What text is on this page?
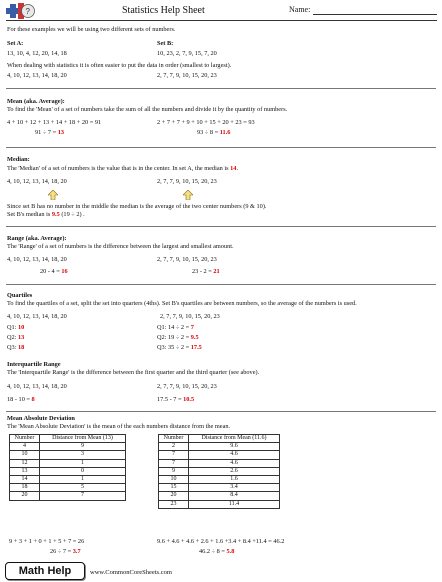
?	Statistics Help Sheet	Name:
For these examples we will be using two different sets of numbers.
Set A:
13, 10, 4, 12, 20, 14, 18
Set B:
10, 23, 2, 7, 9, 15, 7, 20
When dealing with statistics it is often easier to put the data in order (smallest to largest).
4, 10, 12, 13, 14, 18, 20	2, 7, 7, 9, 10, 15, 20, 23
Mean (aka. Average):
To find the 'Mean' of a set of numbers take the sum of all the numbers and divide it by the quantity of numbers.
4 + 10 + 12 + 13 + 14 + 18 + 20 = 91
91 ÷ 7 = 13
2 + 7 + 7 + 9 + 10 + 15 + 20 + 23 = 93
93 ÷ 8 = 11.6
Median:
The 'Median' of a set of numbers is the value that is in the center. In set A, the median is 14.
4, 10, 12, 13, 14, 18, 20	2, 7, 7, 9, 10, 15, 20, 23
Since set B has no number in the middle the median is the average of the two center numbers (9 & 10).
Set B's median is 9.5 (19 ÷ 2) .
Range (aka. Average):
The 'Range' of a set of numbers is the difference between the largest and smallest amount.
4, 10, 12, 13, 14, 18, 20	2, 7, 7, 9, 10, 15, 20, 23
20 - 4 = 16	23 - 2 = 21
Quartiles
To find the quartiles of a set, split the set into quarters (4ths). Set B's quartiles are between numbers, so the average of the numbers is used.
4, 10, 12, 13, 14, 18, 20	2, 7, 7, 9, 10, 15, 20, 23
Q1: 10
Q2: 13
Q3: 18
Q1: 14 ÷ 2 = 7
Q2: 19 ÷ 2 = 9.5
Q3: 35 ÷ 2 = 17.5
Interquartile Range
The 'Interquartile Range' is the difference between the first quarter and the third quarter (see above).
4, 10, 12, 13, 14, 18, 20	2, 7, 7, 9, 10, 15, 20, 23
18 - 10 = 8	17.5 - 7 = 10.5
Mean Absolute Deviation
The 'Mean Absolute Deviation' is the mean of the each numbers distance from the mean.
Number	Distance from Mean (13)
4	9
10	3
12	1
13	0
14	1
18	5
20	7
Number	Distance from Mean (11.6)
2	9.6
7	4.6
7	4.6
9	2.6
10	1.6
15	3.4
20	8.4
23	11.4
9 + 3 + 1 + 0 + 1 + 5 + 7 = 26
26 ÷ 7 = 3.7
9.6 + 4.6 + 4.6 + 2.6 + 1.6 +3.4 + 8.4 +11.4 = 46.2
46.2 ÷ 8 = 5.8
Math Help	www.CommonCoreSheets.com
